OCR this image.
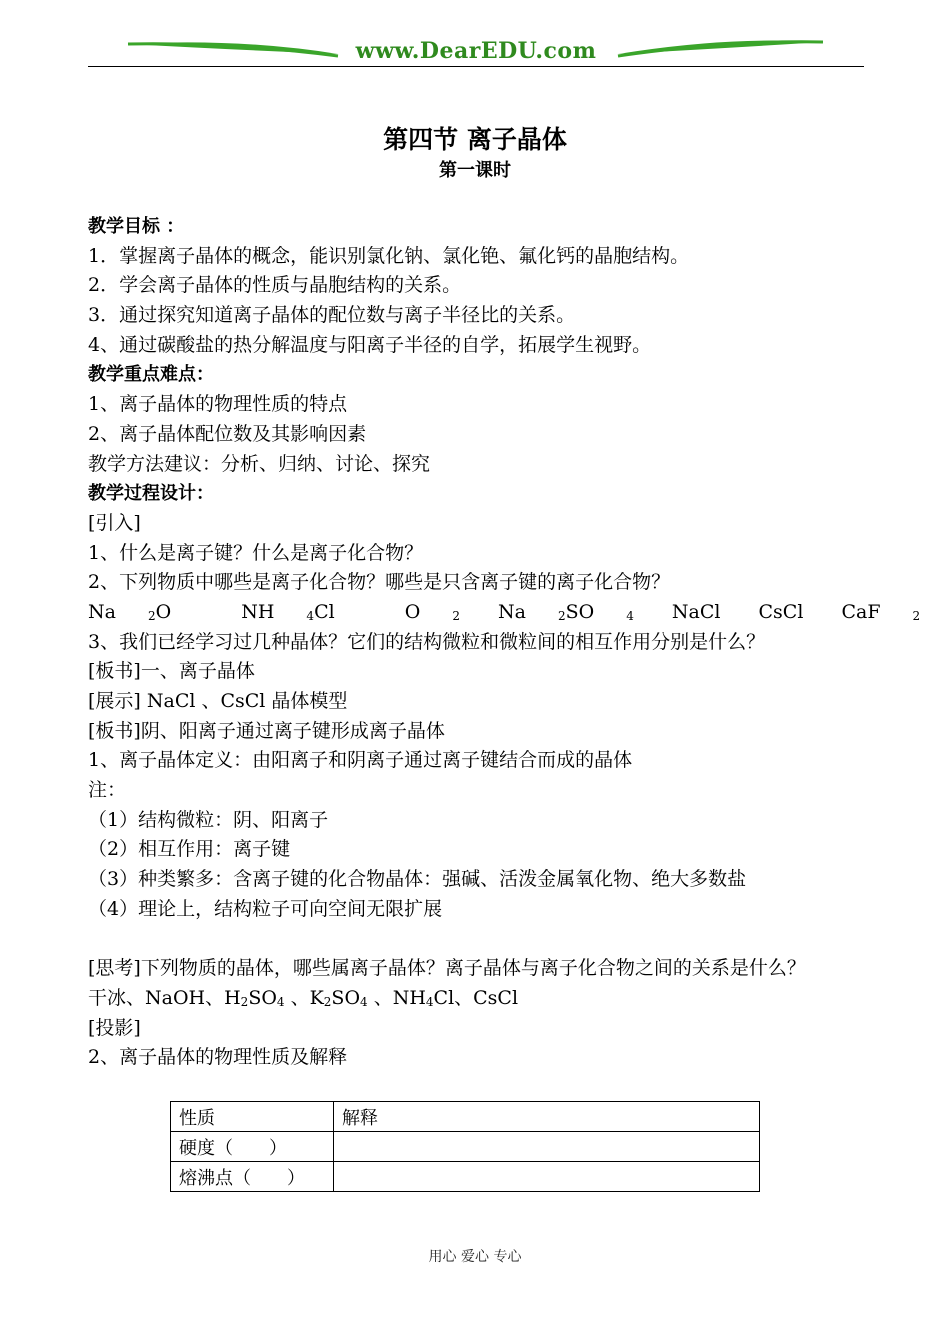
www.DearEDU.com
第四节 离子晶体
第一课时
教学目标 ：
1．掌握离子晶体的概念，能识别氯化钠、氯化铯、氟化钙的晶胞结构。
2．学会离子晶体的性质与晶胞结构的关系。
3．通过探究知道离子晶体的配位数与离子半径比的关系。
4、通过碳酸盐的热分解温度与阳离子半径的自学，拓展学生视野。
教学重点难点：
1、离子晶体的物理性质的特点
2、离子晶体配位数及其影响因素
教学方法建议：分析、归纳、讨论、探究
教学过程设计：
[引入]
1、什么是离子键？什么是离子化合物？
2、下列物质中哪些是离子化合物？哪些是只含离子键的离子化合物？
Na	$_2$O	NH	$_4$Cl	O	$_2$ Na	$_2$SO	$_4$ NaCl CsCl CaF	$_2$
3、我们已经学习过几种晶体？它们的结构微粒和微粒间的相互作用分别是什么？
[板书]一、离子晶体
[展示] NaCl 、CsCl 晶体模型
[板书]阴、阳离子通过离子键形成离子晶体
1、离子晶体定义：由阳离子和阴离子通过离子键结合而成的晶体
注：
（1）结构微粒：阴、阳离子
（2）相互作用：离子键
（3）种类繁多：含离子键的化合物晶体：强碱、活泼金属氧化物、绝大多数盐
（4）理论上，结构粒子可向空间无限扩展
[思考]下列物质的晶体，哪些属离子晶体？离子晶体与离子化合物之间的关系是什么？
干冰、NaOH、$H_2SO_4$ 、$K_2SO_4$ 、$NH_4Cl$、CsCl
[投影]
2、离子晶体的物理性质及解释
性质	解释
硬度（　　）	
熔沸点（　　）	
用心 爱心 专心
